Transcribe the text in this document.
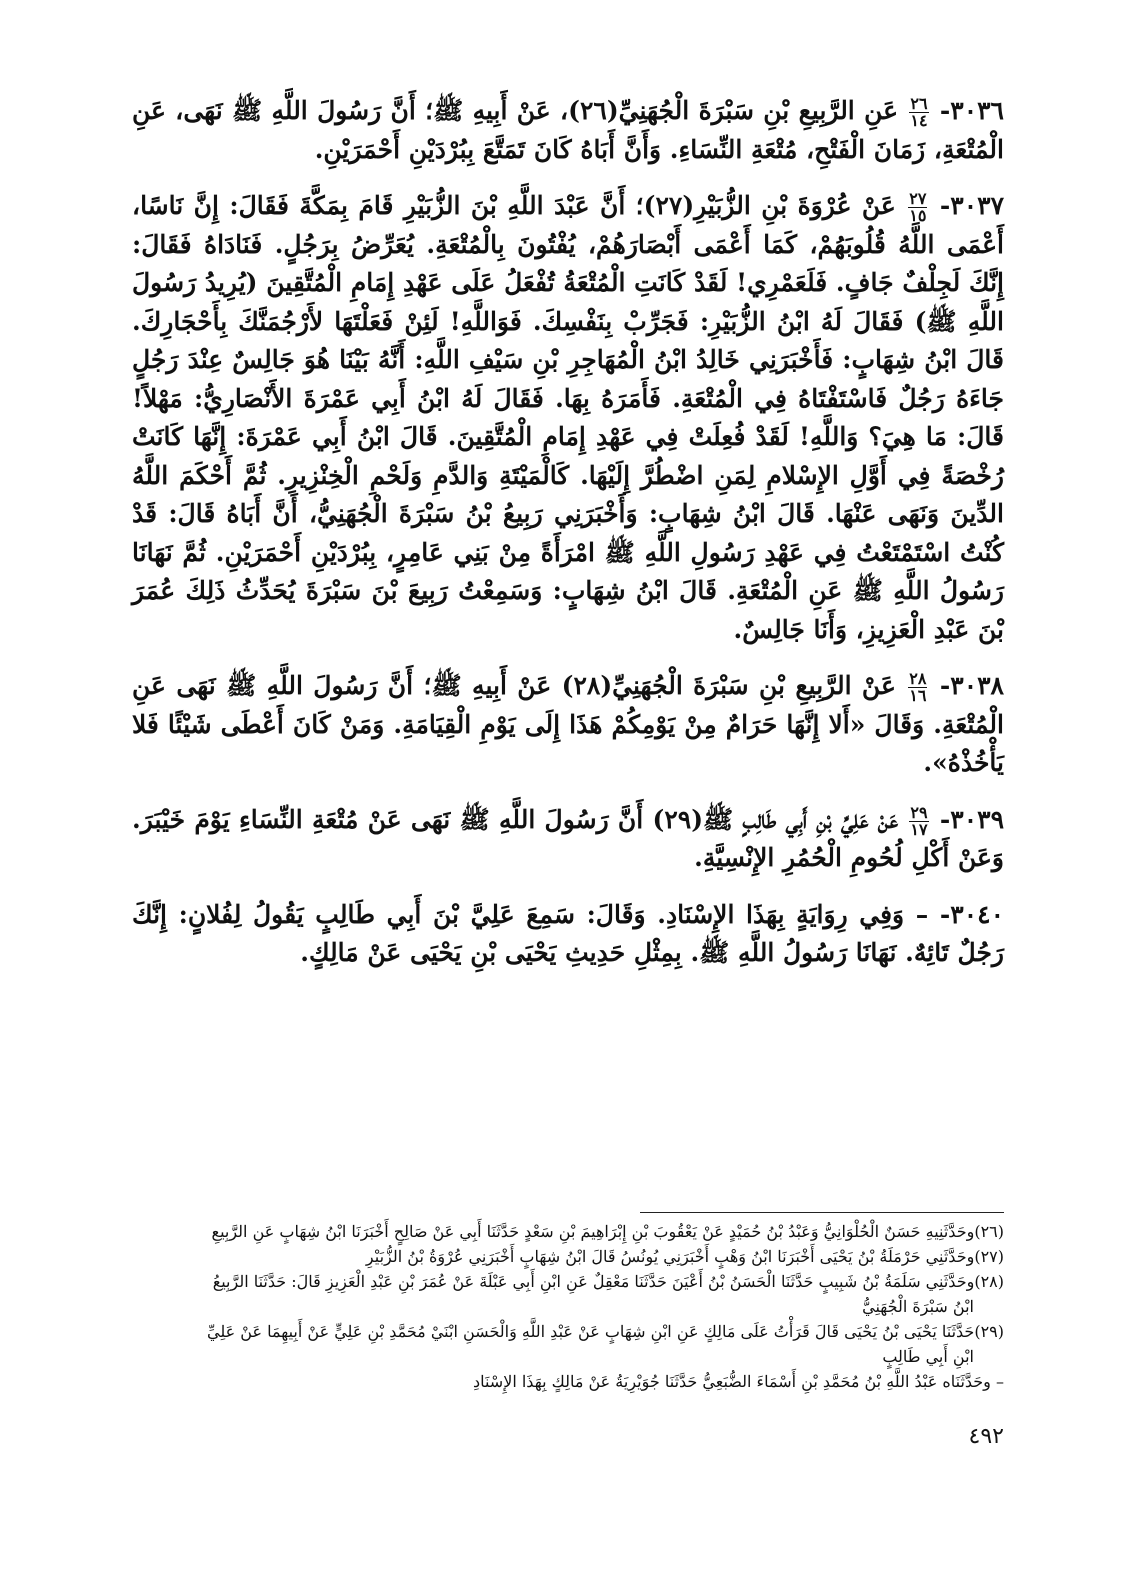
٣٠٣٦-
$\frac{٢٦}{١٤}$
عَنِ الرَّبِيعِ بْنِ سَبْرَةَ الْجُهَنِيِّ(٢٦)، عَنْ أَبِيهِ ﷺ؛ أَنَّ رَسُولَ اللَّهِ ﷺ نَهَى، عَنِ الْمُتْعَةِ، زَمَانَ الْفَتْحِ، مُتْعَةِ النِّسَاءِ. وَأَنَّ أَبَاهُ كَانَ تَمَتَّعَ بِبُرْدَيْنِ أَحْمَرَيْنِ.

٣٠٣٧-
$\frac{٢٧}{١٥}$
عَنْ عُرْوَةَ بْنِ الزُّبَيْرِ(٢٧)؛ أَنَّ عَبْدَ اللَّهِ بْنَ الزُّبَيْرِ قَامَ بِمَكَّةَ فَقَالَ: إِنَّ نَاسًا، أَعْمَى اللَّهُ قُلُوبَهُمْ، كَمَا أَعْمَى أَبْصَارَهُمْ، يُفْتُونَ بِالْمُتْعَةِ. يُعَرِّضُ بِرَجُلٍ. فَنَادَاهُ فَقَالَ: إِنَّكَ لَجِلْفٌ جَافٍ. فَلَعَمْرِي! لَقَدْ كَانَتِ الْمُتْعَةُ تُفْعَلُ عَلَى عَهْدِ إِمَامِ الْمُتَّقِينَ (يُرِيدُ رَسُولَ اللَّهِ ﷺ) فَقَالَ لَهُ ابْنُ الزُّبَيْرِ: فَجَرِّبْ بِنَفْسِكَ. فَوَاللَّهِ! لَئِنْ فَعَلْتَهَا لأَرْجُمَنَّكَ بِأَحْجَارِكَ. قَالَ ابْنُ شِهَابٍ: فَأَخْبَرَنِي خَالِدُ ابْنُ الْمُهَاجِرِ بْنِ سَيْفِ اللَّهِ: أَنَّهُ بَيْنَا هُوَ جَالِسٌ عِنْدَ رَجُلٍ جَاءَهُ رَجُلٌ فَاسْتَفْتَاهُ فِي الْمُتْعَةِ. فَأَمَرَهُ بِهَا. فَقَالَ لَهُ ابْنُ أَبِي عَمْرَةَ الأَنْصَارِيُّ: مَهْلاً! قَالَ: مَا هِيَ؟ وَاللَّهِ! لَقَدْ فُعِلَتْ فِي عَهْدِ إِمَامِ الْمُتَّقِينَ. قَالَ ابْنُ أَبِي عَمْرَةَ: إِنَّهَا كَانَتْ رُخْصَةً فِي أَوَّلِ الإِسْلامِ لِمَنِ اضْطُرَّ إِلَيْهَا. كَالْمَيْتَةِ وَالدَّمِ وَلَحْمِ الْخِنْزِيرِ. ثُمَّ أَحْكَمَ اللَّهُ الدِّينَ وَنَهَى عَنْهَا. قَالَ ابْنُ شِهَابٍ: وَأَخْبَرَنِي رَبِيعُ بْنُ سَبْرَةَ الْجُهَنِيُّ، أَنَّ أَبَاهُ قَالَ: قَدْ كُنْتُ اسْتَمْتَعْتُ فِي عَهْدِ رَسُولِ اللَّهِ ﷺ امْرَأَةً مِنْ بَنِي عَامِرٍ، بِبُرْدَيْنِ أَحْمَرَيْنِ. ثُمَّ نَهَانَا رَسُولُ اللَّهِ ﷺ عَنِ الْمُتْعَةِ. قَالَ ابْنُ شِهَابٍ: وَسَمِعْتُ رَبِيعَ بْنَ سَبْرَةَ يُحَدِّثُ ذَلِكَ عُمَرَ بْنَ عَبْدِ الْعَزِيزِ، وَأَنَا جَالِسٌ.

٣٠٣٨-
$\frac{٢٨}{١٦}$
عَنْ الرَّبِيعِ بْنِ سَبْرَةَ الْجُهَنِيِّ(٢٨) عَنْ أَبِيهِ ﷺ؛ أَنَّ رَسُولَ اللَّهِ ﷺ نَهَى عَنِ الْمُتْعَةِ. وَقَالَ «أَلا إِنَّهَا حَرَامٌ مِنْ يَوْمِكُمْ هَذَا إِلَى يَوْمِ الْقِيَامَةِ. وَمَنْ كَانَ أَعْطَى شَيْئًا فَلا يَأْخُذْهُ».

٣٠٣٩-
$\frac{٢٩}{١٧}$
عَنْ عَلِيِّ بْنِ أَبِي طَالِبٍ ﷺ(٢٩) أَنَّ رَسُولَ اللَّهِ ﷺ نَهَى عَنْ مُتْعَةِ النِّسَاءِ يَوْمَ خَيْبَرَ. وَعَنْ أَكْلِ لُحُومِ الْحُمُرِ الإِنْسِيَّةِ.

٣٠٤٠- – وَفِي رِوَايَةٍ بِهَذَا الإِسْنَادِ. وَقَالَ: سَمِعَ عَلِيَّ بْنَ أَبِي طَالِبٍ يَقُولُ لِفُلانٍ: إِنَّكَ رَجُلٌ تَائِهٌ. نَهَانَا رَسُولُ اللَّهِ ﷺ. بِمِثْلِ حَدِيثِ يَحْيَى بْنِ يَحْيَى عَنْ مَالِكٍ.

(٢٦)وحَدَّثَنِيهِ حَسَنٌ الْحُلْوَانِيُّ وَعَبْدُ بْنُ حُمَيْدٍ عَنْ يَعْقُوبَ بْنِ إِبْرَاهِيمَ بْنِ سَعْدٍ حَدَّثَنَا أَبِي عَنْ صَالِحٍ أَخْبَرَنَا ابْنُ شِهَابٍ عَنِ الرَّبِيعِ
(٢٧)وحَدَّثَنِي حَرْمَلَةُ بْنُ يَحْيَى أَخْبَرَنَا ابْنُ وَهْبٍ أَخْبَرَنِي يُونُسُ قَالَ ابْنُ شِهَابٍ أَخْبَرَنِي عُرْوَةُ بْنُ الزُّبَيْرِ
(٢٨)وحَدَّثَنِي سَلَمَةُ بْنُ شَبِيبٍ حَدَّثَنَا الْحَسَنُ بْنُ أَعْيَنَ حَدَّثَنَا مَعْقِلٌ عَنِ ابْنِ أَبِي عَبْلَةَ عَنْ عُمَرَ بْنِ عَبْدِ الْعَزِيزِ قَالَ: حَدَّثَنَا الرَّبِيعُ
ابْنُ سَبْرَةَ الْجُهَنِيُّ
(٢٩)حَدَّثَنَا يَحْيَى بْنُ يَحْيَى قَالَ قَرَأْتُ عَلَى مَالِكٍ عَنِ ابْنِ شِهَابٍ عَنْ عَبْدِ اللَّهِ وَالْحَسَنِ ابْنَيْ مُحَمَّدِ بْنِ عَلِيٍّ عَنْ أَبِيهِمَا عَنْ عَلِيِّ
ابْنِ أَبِي طَالِبٍ
– وحَدَّثَنَاه عَبْدُ اللَّهِ بْنُ مُحَمَّدِ بْنِ أَسْمَاءَ الضُّبَعِيُّ حَدَّثَنَا جُوَيْرِيَةُ عَنْ مَالِكٍ بِهَذَا الإِسْنَادِ
٤٩٢
